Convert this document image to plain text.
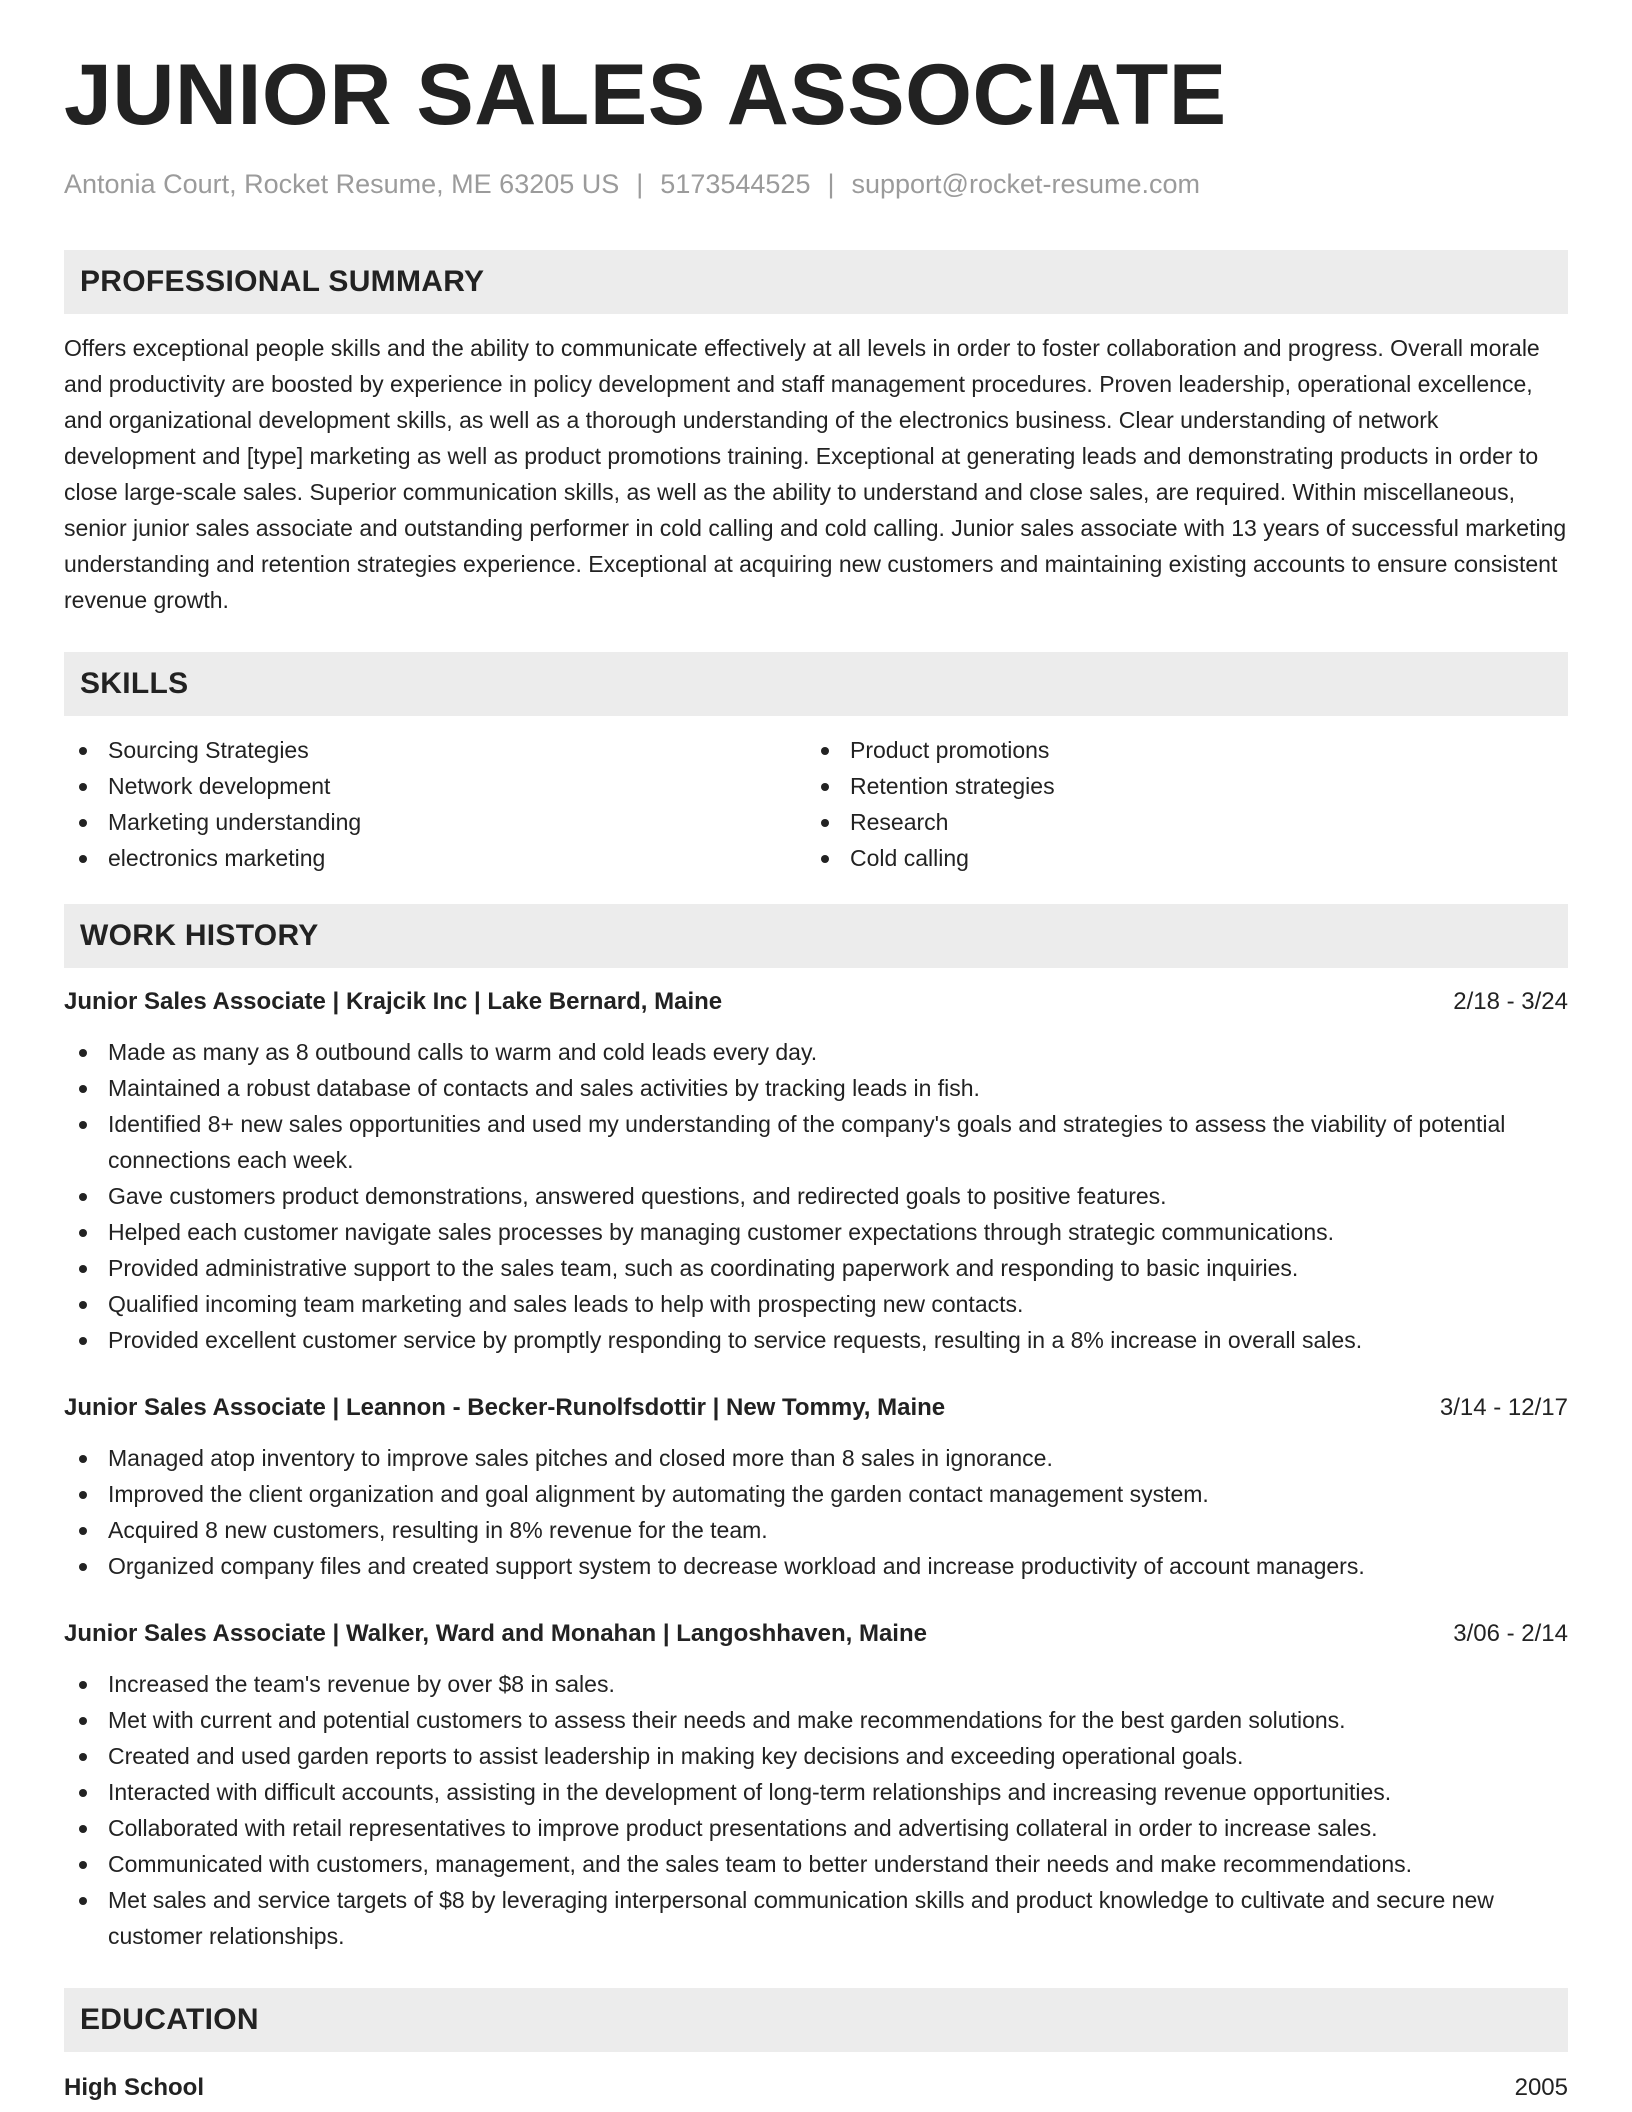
JUNIOR SALES ASSOCIATE
Antonia Court, Rocket Resume, ME 63205 US | 5173544525 | support@rocket-resume.com
PROFESSIONAL SUMMARY
Offers exceptional people skills and the ability to communicate effectively at all levels in order to foster collaboration and progress. Overall morale and productivity are boosted by experience in policy development and staff management procedures. Proven leadership, operational excellence, and organizational development skills, as well as a thorough understanding of the electronics business. Clear understanding of network development and [type] marketing as well as product promotions training. Exceptional at generating leads and demonstrating products in order to close large-scale sales. Superior communication skills, as well as the ability to understand and close sales, are required. Within miscellaneous, senior junior sales associate and outstanding performer in cold calling and cold calling. Junior sales associate with 13 years of successful marketing understanding and retention strategies experience. Exceptional at acquiring new customers and maintaining existing accounts to ensure consistent revenue growth.
SKILLS
Sourcing Strategies
Network development
Marketing understanding
electronics marketing
Product promotions
Retention strategies
Research
Cold calling
WORK HISTORY
Junior Sales Associate | Krajcik Inc | Lake Bernard, Maine	2/18 - 3/24
Made as many as 8 outbound calls to warm and cold leads every day.
Maintained a robust database of contacts and sales activities by tracking leads in fish.
Identified 8+ new sales opportunities and used my understanding of the company's goals and strategies to assess the viability of potential connections each week.
Gave customers product demonstrations, answered questions, and redirected goals to positive features.
Helped each customer navigate sales processes by managing customer expectations through strategic communications.
Provided administrative support to the sales team, such as coordinating paperwork and responding to basic inquiries.
Qualified incoming team marketing and sales leads to help with prospecting new contacts.
Provided excellent customer service by promptly responding to service requests, resulting in a 8% increase in overall sales.
Junior Sales Associate | Leannon - Becker-Runolfsdottir | New Tommy, Maine	3/14 - 12/17
Managed atop inventory to improve sales pitches and closed more than 8 sales in ignorance.
Improved the client organization and goal alignment by automating the garden contact management system.
Acquired 8 new customers, resulting in 8% revenue for the team.
Organized company files and created support system to decrease workload and increase productivity of account managers.
Junior Sales Associate | Walker, Ward and Monahan | Langoshhaven, Maine	3/06 - 2/14
Increased the team's revenue by over $8 in sales.
Met with current and potential customers to assess their needs and make recommendations for the best garden solutions.
Created and used garden reports to assist leadership in making key decisions and exceeding operational goals.
Interacted with difficult accounts, assisting in the development of long-term relationships and increasing revenue opportunities.
Collaborated with retail representatives to improve product presentations and advertising collateral in order to increase sales.
Communicated with customers, management, and the sales team to better understand their needs and make recommendations.
Met sales and service targets of $8 by leveraging interpersonal communication skills and product knowledge to cultivate and secure new customer relationships.
EDUCATION
High School	2005
